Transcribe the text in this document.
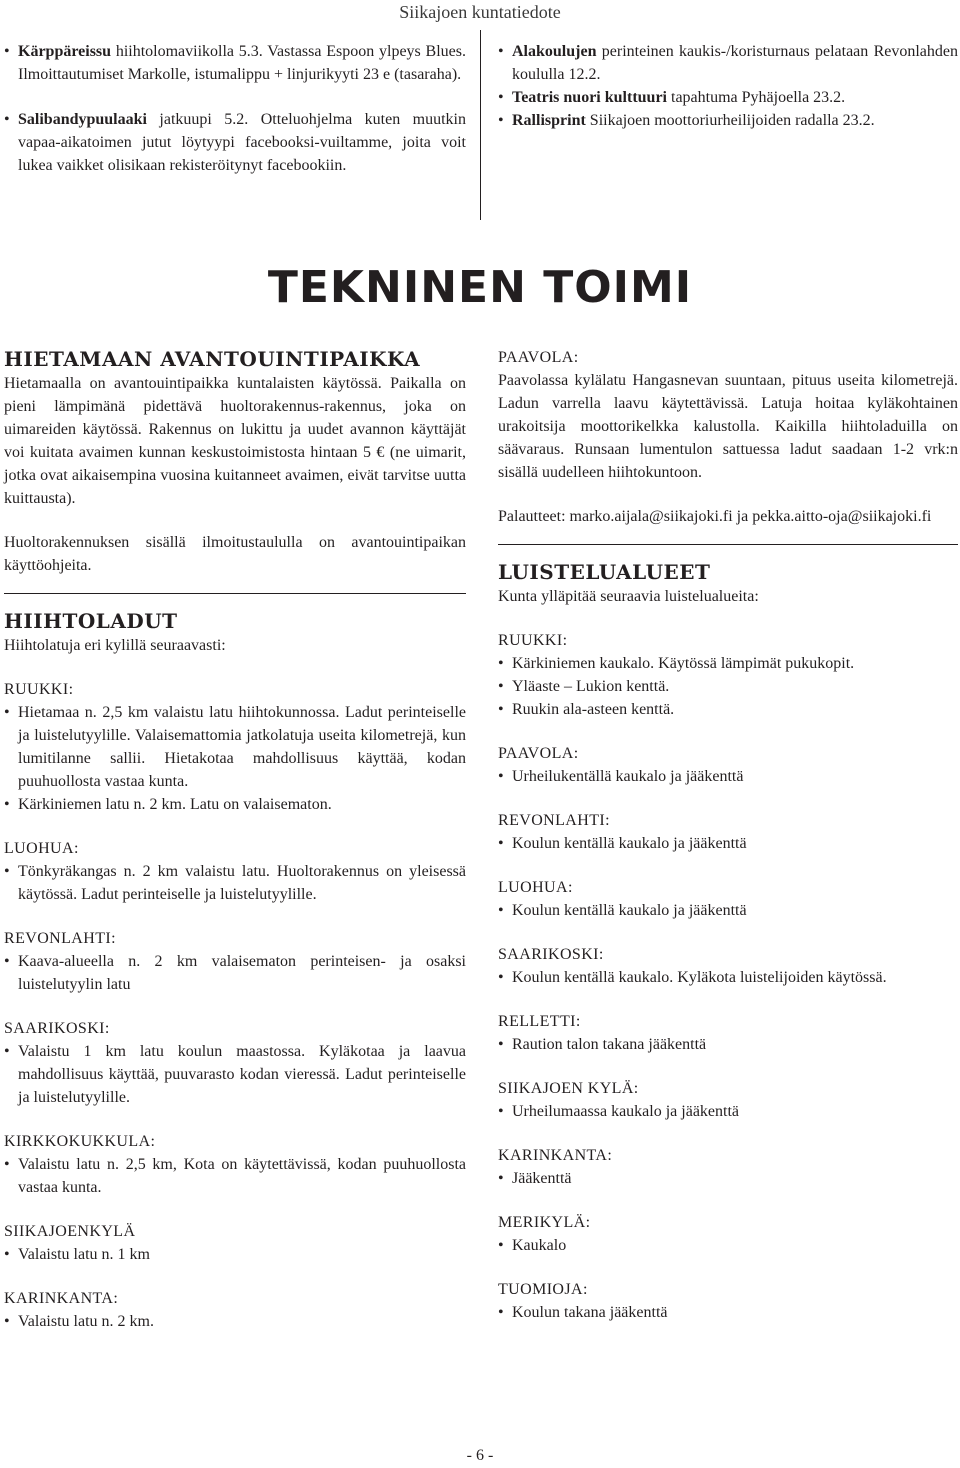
Siikajoen kuntatiedote
• Kärppäreissu hiihtolomaviikolla 5.3. Vastassa Espoon ylpeys Blues. Ilmoittautumiset Markolle, istumalippu + linjurikyyti 23 e (tasaraha).
• Salibandypuulaaki jatkuupi 5.2. Otteluohjelma kuten muutkin vapaa-aikatoimen jutut löytyypi facebooksi-vuiltamme, joita voit lukea vaikket olisikaan rekisteröitynyt facebookiin.
• Alakoulujen perinteinen kaukis-/koristurnaus pelataan Revonlahden koululla 12.2.
• Teatris nuori kulttuuri tapahtuma Pyhäjoella 23.2.
• Rallisprint Siikajoen moottoriurheilijoiden radalla 23.2.
TEKNINEN TOIMI
HIETAMAAN AVANTOUINTIPAIKKA

Hietamaalla on avantouintipaikka kuntalaisten käytössä. Paikalla on pieni lämpimänä pidettävä huoltorakennus-rakennus, joka on uimareiden käytössä. Rakennus on lukittu ja uudet avannon käyttäjät voi kuitata avaimen kunnan keskustoimistosta hintaan 5 € (ne uimarit, jotka ovat aikaisempina vuosina kuitanneet avaimen, eivät tarvitse uutta kuittausta).

Huoltorakennuksen sisällä ilmoitustaululla on avantouintipaikan käyttöohjeita.

HIIHTOLADUT
Hiihtolatuja eri kylillä seuraavasti:
RUUKKI:
• Hietamaa n. 2,5 km valaistu latu hiihtokunnossa. Ladut perinteiselle ja luistelutyylille. Valaisemattomia jatkolatuja useita kilometrejä, kun lumitilanne sallii. Hietakotaa mahdollisuus käyttää, kodan puuhuollosta vastaa kunta.
• Kärkiniemen latu n. 2 km. Latu on valaisematon.
LUOHUA:
• Tönkyräkangas n. 2 km valaistu latu. Huoltorakennus on yleisessä käytössä. Ladut perinteiselle ja luistelutyylille.
REVONLAHTI:
• Kaava-alueella n. 2 km valaisematon perinteisen- ja osaksi luistelutyylin latu
SAARIKOSKI:
• Valaistu 1 km latu koulun maastossa. Kyläkotaa ja laavua mahdollisuus käyttää, puuvarasto kodan vieressä. Ladut perinteiselle ja luistelutyylille.
KIRKKOKUKKULA:
• Valaistu latu n. 2,5 km, Kota on käytettävissä, kodan puuhuollosta vastaa kunta.
SIIKAJOENKYLÄ
• Valaistu latu n. 1 km
KARINKANTA:
• Valaistu latu n. 2 km.
PAAVOLA:

Paavolassa kylälatu Hangasnevan suuntaan, pituus useita kilometrejä. Ladun varrella laavu käytettävissä. Latuja hoitaa kyläkohtainen urakoitsija moottorikelkka kalustolla. Kaikilla hiihtoladuilla on säävaraus. Runsaan lumentulon sattuessa ladut saadaan 1-2 vrk:n sisällä uudelleen hiihtokuntoon.

Palautteet: marko.aijala@siikajoki.fi ja pekka.aitto-oja@siikajoki.fi

LUISTELUALUEET
Kunta ylläpitää seuraavia luistelualueita:
RUUKKI:
• Kärkiniemen kaukalo. Käytössä lämpimät pukukopit.
• Yläaste – Lukion kenttä.
• Ruukin ala-asteen kenttä.
PAAVOLA:
• Urheilukentällä kaukalo ja jääkenttä
REVONLAHTI:
• Koulun kentällä kaukalo ja jääkenttä
LUOHUA:
• Koulun kentällä kaukalo ja jääkenttä
SAARIKOSKI:
• Koulun kentällä kaukalo. Kyläkota luistelijoiden käytössä.
RELLETTI:
• Raution talon takana jääkenttä
SIIKAJOEN KYLÄ:
• Urheilumaassa kaukalo ja jääkenttä
KARINKANTA:
• Jääkenttä
MERIKYLÄ:
• Kaukalo
TUOMIOJA:
• Koulun takana jääkenttä
- 6 -
